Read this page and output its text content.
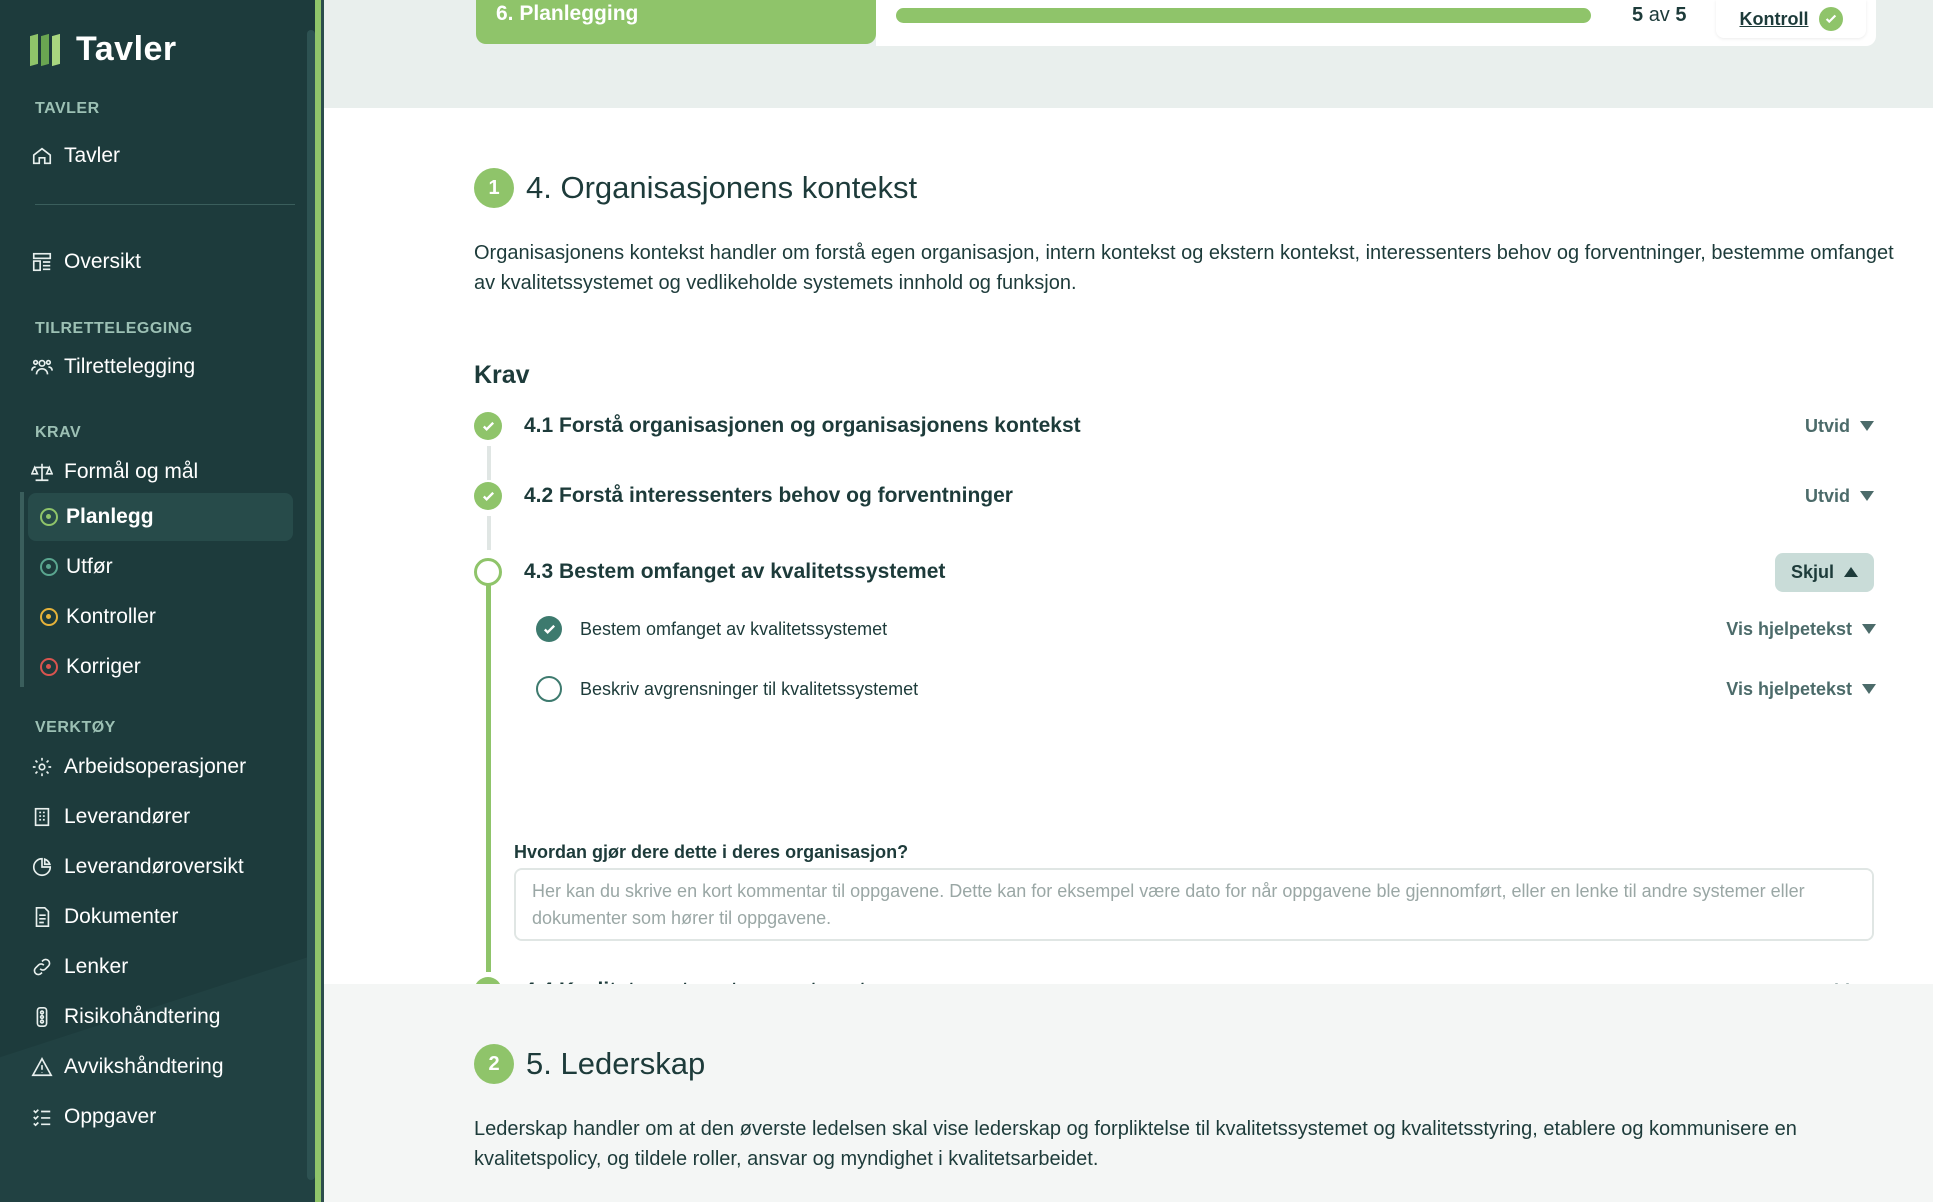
Tavler
TAVLER
Tavler
Oversikt
TILRETTELEGGING
Tilrettelegging
KRAV
Formål og mål
Planlegg
Utfør
Kontroller
Korriger
VERKTØY
Arbeidsoperasjoner
Leverandører
Leverandøroversikt
Dokumenter
Lenker
Risikohåndtering
Avvikshåndtering
Oppgaver
6. Planlegging	5 av 5	Kontroll
1 4. Organisasjonens kontekst

Organisasjonens kontekst handler om forstå egen organisasjon, intern kontekst og ekstern kontekst, interessenters behov og forventninger, bestemme omfanget av kvalitetssystemet og vedlikeholde systemets innhold og funksjon.

Krav
4.1 Forstå organisasjonen og organisasjonens kontekst	Utvid
4.2 Forstå interessenters behov og forventninger	Utvid
4.3 Bestem omfanget av kvalitetssystemet	Skjul
Bestem omfanget av kvalitetssystemet	Vis hjelpetekst
Beskriv avgrensninger til kvalitetssystemet	Vis hjelpetekst
Hvordan gjør dere dette i deres organisasjon?
Her kan du skrive en kort kommentar til oppgavene. Dette kan for eksempel være dato for når oppgavene ble gjennomført, eller en lenke til andre systemer eller dokumenter som hører til oppgavene.
2 5. Lederskap

Lederskap handler om at den øverste ledelsen skal vise lederskap og forpliktelse til kvalitetssystemet og kvalitetsstyring, etablere og kommunisere en kvalitetspolicy, og tildele roller, ansvar og myndighet i kvalitetsarbeidet.
